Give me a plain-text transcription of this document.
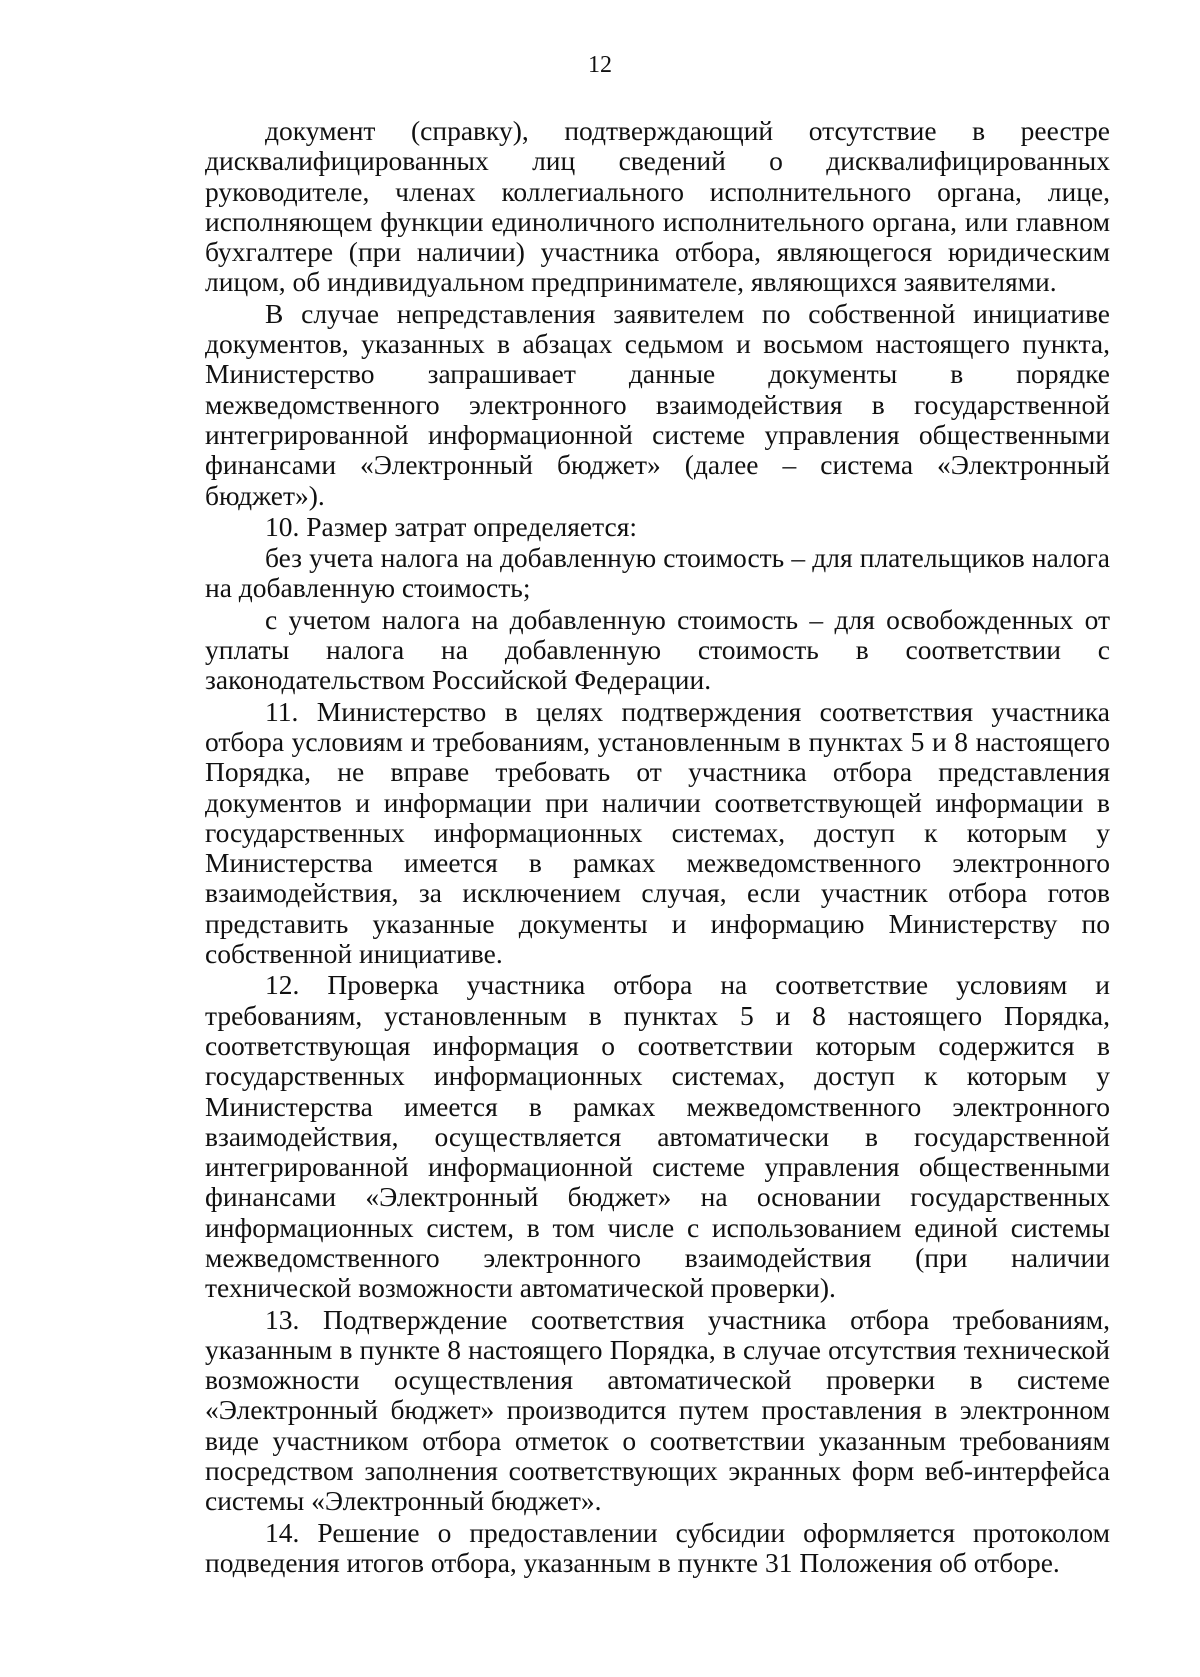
12

документ (справку), подтверждающий отсутствие в реестре дисквалифицированных лиц сведений о дисквалифицированных руководителе, членах коллегиального исполнительного органа, лице, исполняющем функции единоличного исполнительного органа, или главном бухгалтере (при наличии) участника отбора, являющегося юридическим лицом, об индивидуальном предпринимателе, являющихся заявителями.

В случае непредставления заявителем по собственной инициативе документов, указанных в абзацах седьмом и восьмом настоящего пункта, Министерство запрашивает данные документы в порядке межведомственного электронного взаимодействия в государственной интегрированной информационной системе управления общественными финансами «Электронный бюджет» (далее – система «Электронный бюджет»).

10. Размер затрат определяется:

без учета налога на добавленную стоимость – для плательщиков налога на добавленную стоимость;

с учетом налога на добавленную стоимость – для освобожденных от уплаты налога на добавленную стоимость в соответствии с законодательством Российской Федерации.

11. Министерство в целях подтверждения соответствия участника отбора условиям и требованиям, установленным в пунктах 5 и 8 настоящего Порядка, не вправе требовать от участника отбора представления документов и информации при наличии соответствующей информации в государственных информационных системах, доступ к которым у Министерства имеется в рамках межведомственного электронного взаимодействия, за исключением случая, если участник отбора готов представить указанные документы и информацию Министерству по собственной инициативе.

12. Проверка участника отбора на соответствие условиям и требованиям, установленным в пунктах 5 и 8 настоящего Порядка, соответствующая информация о соответствии которым содержится в государственных информационных системах, доступ к которым у Министерства имеется в рамках межведомственного электронного взаимодействия, осуществляется автоматически в государственной интегрированной информационной системе управления общественными финансами «Электронный бюджет» на основании государственных информационных систем, в том числе с использованием единой системы межведомственного электронного взаимодействия (при наличии технической возможности автоматической проверки).

13. Подтверждение соответствия участника отбора требованиям, указанным в пункте 8 настоящего Порядка, в случае отсутствия технической возможности осуществления автоматической проверки в системе «Электронный бюджет» производится путем проставления в электронном виде участником отбора отметок о соответствии указанным требованиям посредством заполнения соответствующих экранных форм веб-интерфейса системы «Электронный бюджет».

14. Решение о предоставлении субсидии оформляется протоколом подведения итогов отбора, указанным в пункте 31 Положения об отборе.
